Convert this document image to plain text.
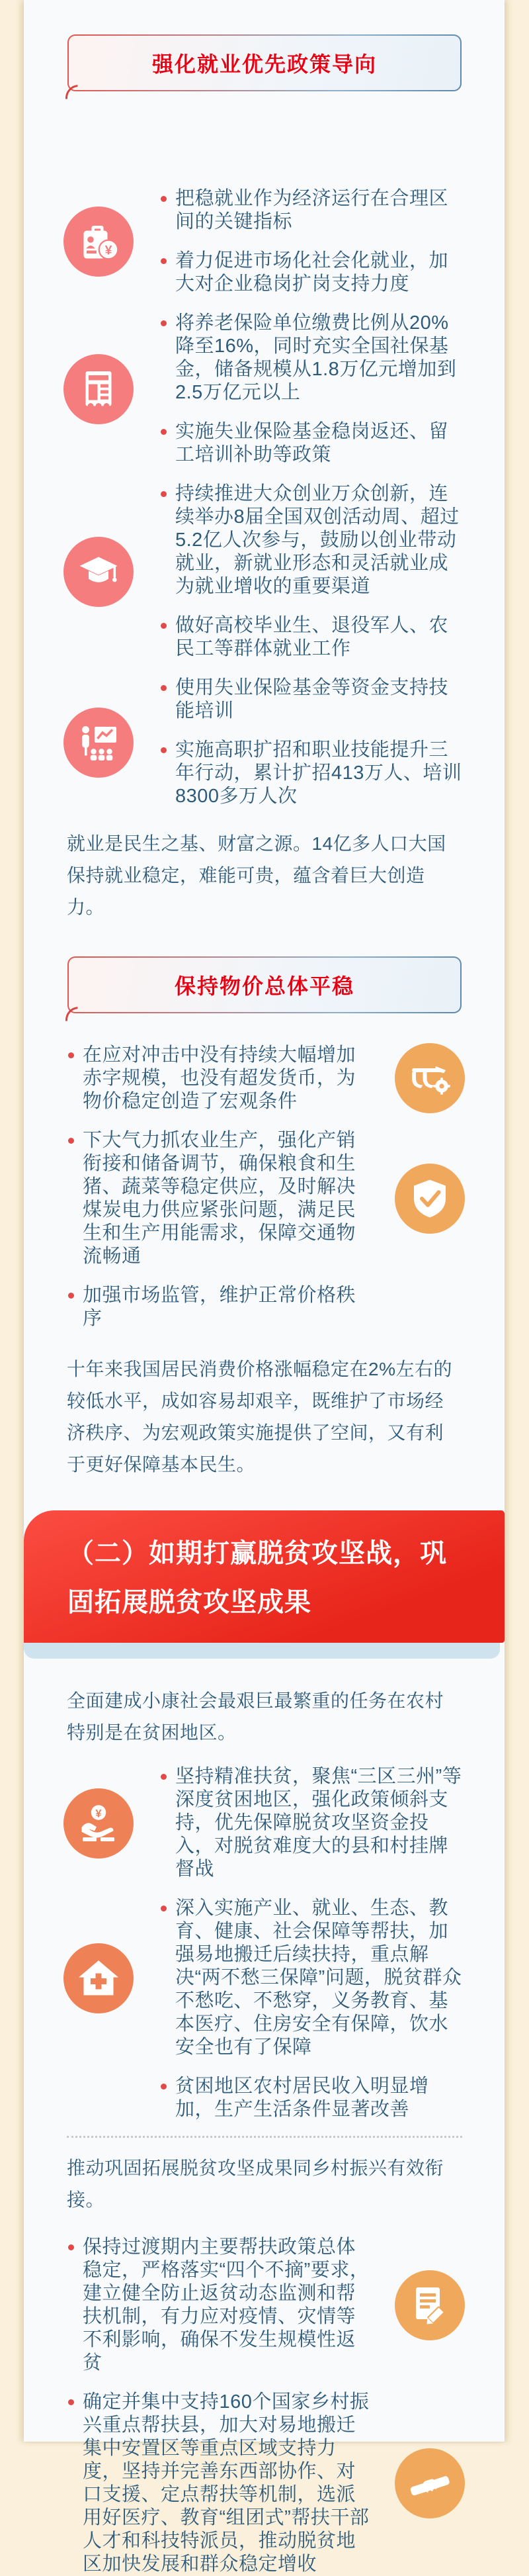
强化就业优先政策导向
¥
把稳就业作为经济运行在合理区间的关键指标
着力促进市场化社会化就业，加大对企业稳岗扩岗支持力度
将养老保险单位缴费比例从20%降至16%，同时充实全国社保基金，储备规模从1.8万亿元增加到2.5万亿元以上
实施失业保险基金稳岗返还、留工培训补助等政策
持续推进大众创业万众创新，连续举办8届全国双创活动周、超过5.2亿人次参与，鼓励以创业带动就业，新就业形态和灵活就业成为就业增收的重要渠道
做好高校毕业生、退役军人、农民工等群体就业工作
使用失业保险基金等资金支持技能培训
实施高职扩招和职业技能提升三年行动，累计扩招413万人、培训8300多万人次
就业是民生之基、财富之源。14亿多人口大国保持就业稳定，难能可贵，蕴含着巨大创造力。
保持物价总体平稳
在应对冲击中没有持续大幅增加赤字规模，也没有超发货币，为物价稳定创造了宏观条件
下大气力抓农业生产，强化产销衔接和储备调节，确保粮食和生猪、蔬菜等稳定供应，及时解决煤炭电力供应紧张问题，满足民生和生产用能需求，保障交通物流畅通
加强市场监管，维护正常价格秩序
十年来我国居民消费价格涨幅稳定在2%左右的较低水平，成如容易却艰辛，既维护了市场经济秩序、为宏观政策实施提供了空间，又有利于更好保障基本民生。
（二）如期打赢脱贫攻坚战，巩固拓展脱贫攻坚成果
全面建成小康社会最艰巨最繁重的任务在农村特别是在贫困地区。
¥
坚持精准扶贫，聚焦“三区三州”等深度贫困地区，强化政策倾斜支持，优先保障脱贫攻坚资金投入，对脱贫难度大的县和村挂牌督战
深入实施产业、就业、生态、教育、健康、社会保障等帮扶，加强易地搬迁后续扶持，重点解决“两不愁三保障”问题，脱贫群众不愁吃、不愁穿，义务教育、基本医疗、住房安全有保障，饮水安全也有了保障
贫困地区农村居民收入明显增加，生产生活条件显著改善
推动巩固拓展脱贫攻坚成果同乡村振兴有效衔接。
保持过渡期内主要帮扶政策总体稳定，严格落实“四个不摘”要求，建立健全防止返贫动态监测和帮扶机制，有力应对疫情、灾情等不利影响，确保不发生规模性返贫
确定并集中支持160个国家乡村振兴重点帮扶县，加大对易地搬迁集中安置区等重点区域支持力度，坚持并完善东西部协作、对口支援、定点帮扶等机制，选派用好医疗、教育“组团式”帮扶干部人才和科技特派员，推动脱贫地区加快发展和群众稳定增收
